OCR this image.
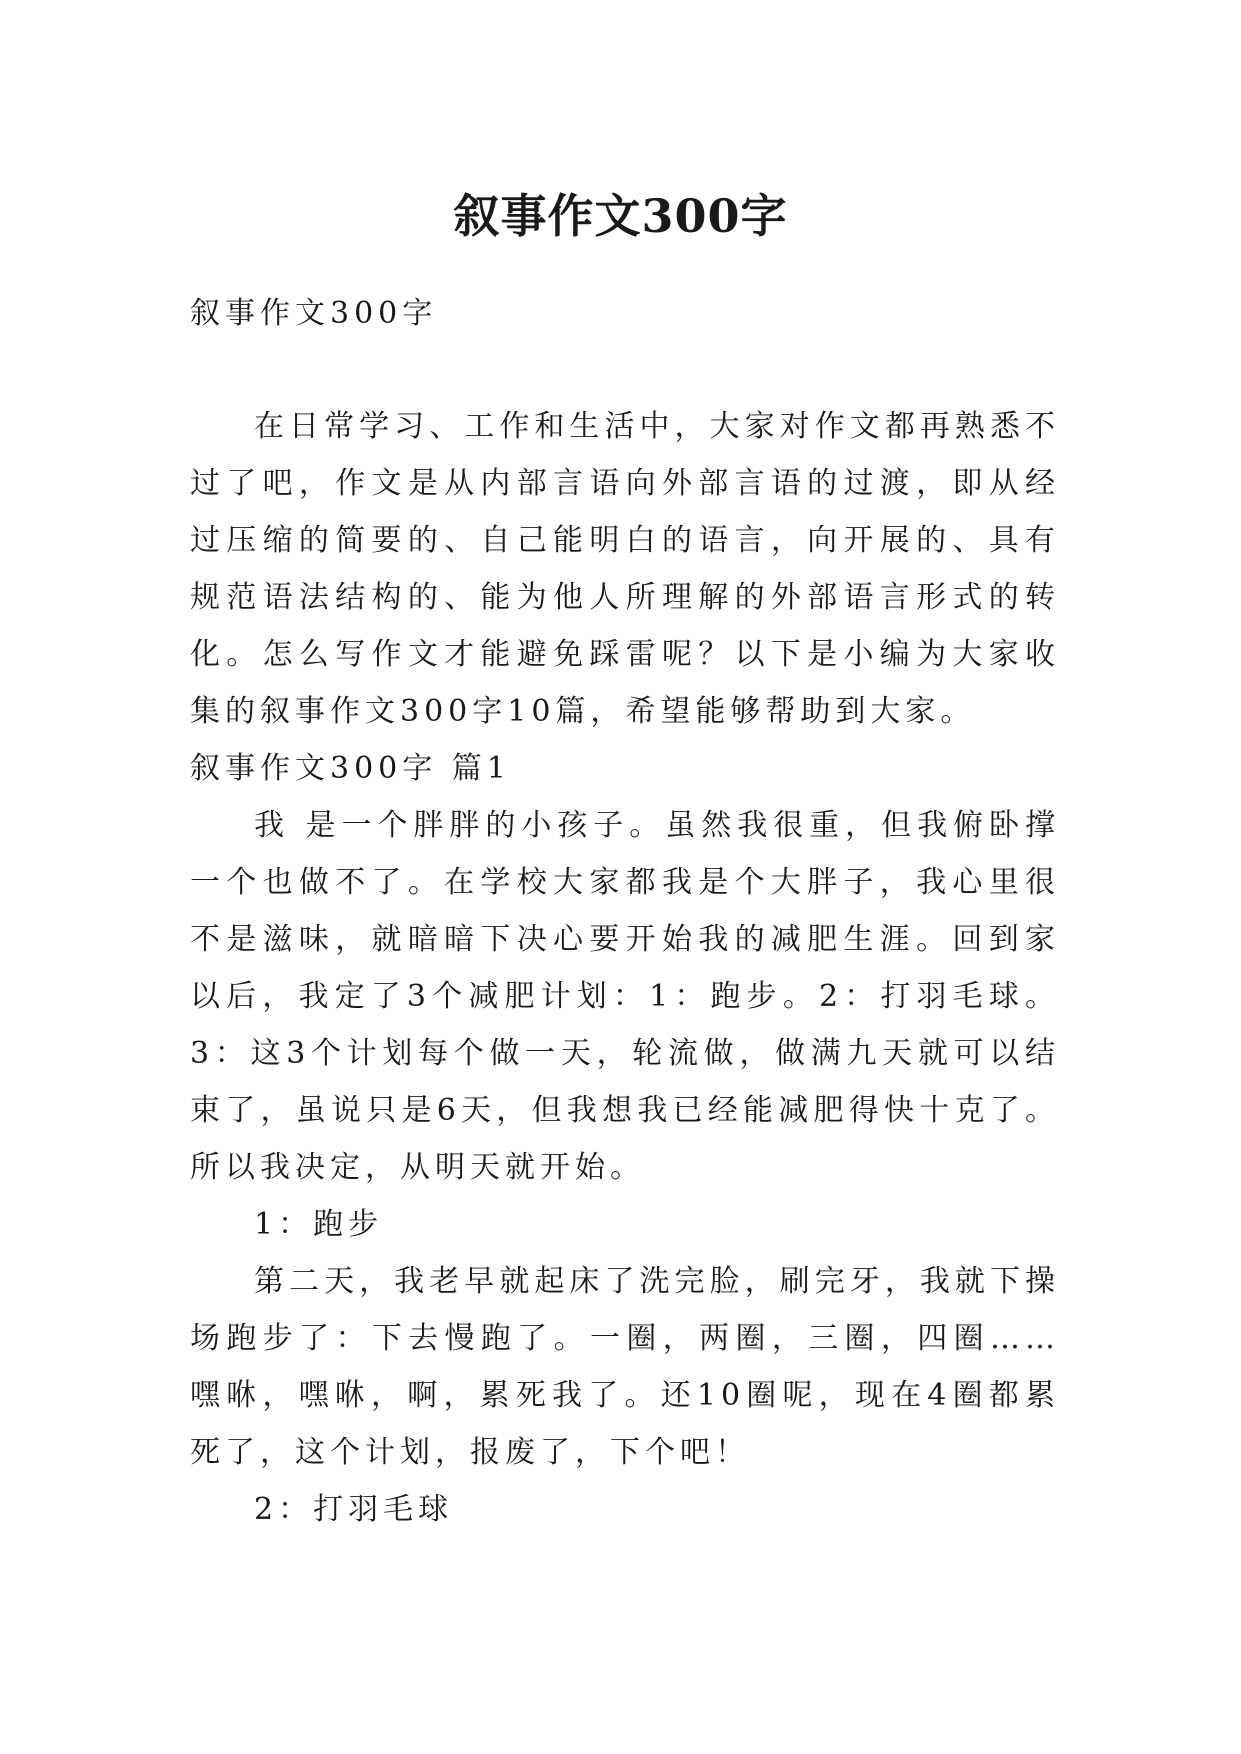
叙事作文300字

叙事作文300字

在日常学习、工作和生活中，大家对作文都再熟悉不过了吧，作文是从内部言语向外部言语的过渡，即从经过压缩的简要的、自己能明白的语言，向开展的、具有规范语法结构的、能为他人所理解的外部语言形式的转化。怎么写作文才能避免踩雷呢？以下是小编为大家收集的叙事作文300字10篇，希望能够帮助到大家。

叙事作文300字 篇1

我 是一个胖胖的小孩子。虽然我很重，但我俯卧撑一个也做不了。在学校大家都我是个大胖子，我心里很不是滋味，就暗暗下决心要开始我的减肥生涯。回到家以后，我定了3个减肥计划：1：跑步。2：打羽毛球。3：这3个计划每个做一天，轮流做，做满九天就可以结束了，虽说只是6天，但我想我已经能减肥得快十克了。所以我决定，从明天就开始。

1：跑步

第二天，我老早就起床了洗完脸，刷完牙，我就下操场跑步了：下去慢跑了。一圈，两圈，三圈，四圈……嘿咻，嘿咻，啊，累死我了。还10圈呢，现在4圈都累死了，这个计划，报废了，下个吧！

2：打羽毛球
